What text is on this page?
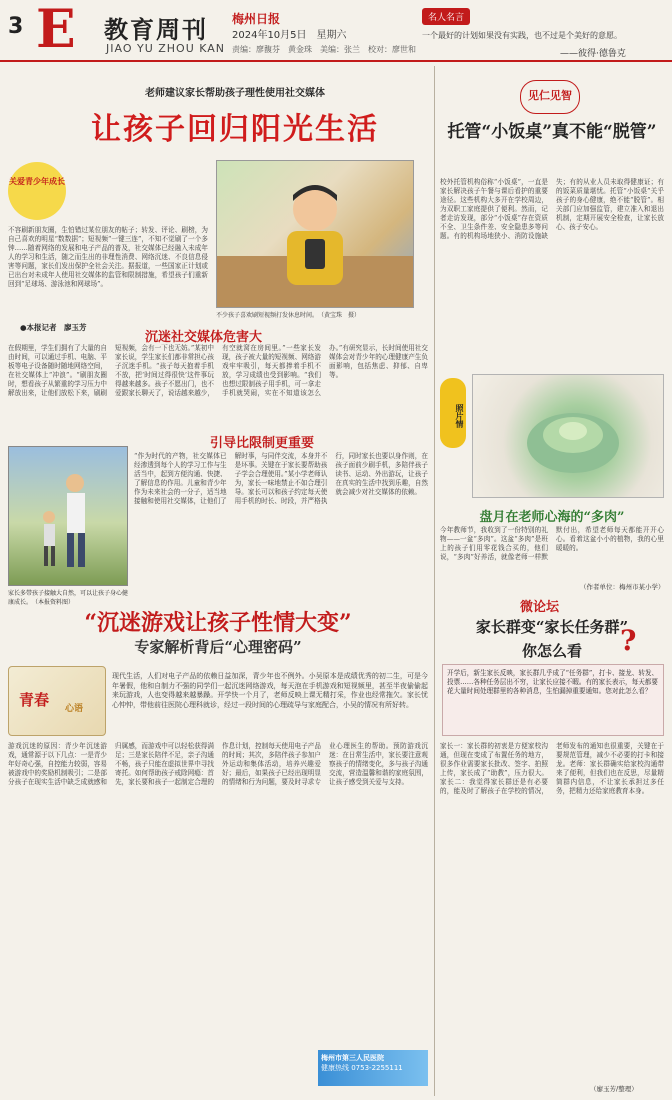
3 E 教育周刊
JIAO YU ZHOU KAN
梅州日报
2024年10月5日　星期六
责编：廖馥芬　黄金珠　美编：张兰　校对：廖世和
名人名言
一个最好的计划如果没有实践，也不过是个美好的意愿。
——彼得·德鲁克
老师建议家长帮助孩子理性使用社交媒体
让孩子回归阳光生活
关爱青少年成长
不容刷新朋友圈，生怕错过某位朋友的帖子；转发、评论、刷榜，为自己喜欢的明星“数数据”；短视频“一键三连”，不知不觉刷了一个多钟……随着网络的发展和电子产品的普及，社交媒体已经融入未成年人的学习和生活，随之而生出的非理性消费、网络沉迷、不良信息侵害等问题，家长们发出保护全社会关注。据报道，一些国家正计划或已出台对未成年人使用社交媒体的监管和限制措施，希望孩子们重新回到“足球场、游泳池和网球场”。
不少孩子喜欢刷短视频打发休息时间。　（黄宝珠　摄）
●本报记者　廖玉芳
沉迷社交媒体危害大
在假期里，学生们拥有了大量的自由时间，可以通过手机、电脑、平板等电子设备随时随地网络空间，在社交媒体上“冲浪”。“刷朋友圈时，想看孩子从繁重的学习压力中解放出来，让他们放松下来，刷刷短视频，会有一下也无妨。”某初中家长说，学生家长们都非常担心孩子沉迷手机。“孩子每天抱着手机不放，把‘时间过得很快’这件事玩得越来越多。孩子不愿出门，也不爱跟家长聊天了，说话越来越少，有空就窝在房间里。”一些家长发现，孩子被大量的短视频、网络游戏牢牢吸引，每天都捧着手机不放，学习成绩也受到影响。“我们也想过限制孩子用手机，可一拿走手机就哭闹，实在不知道该怎么办。”有研究显示，长时间使用社交媒体会对青少年的心理健康产生负面影响，包括焦虑、抑郁、自卑等。
引导比限制更重要
家长多带孩子接触大自然，可以让孩子身心健康成长。　（本报资料图）
“作为时代的产物，社交媒体已经渗透到每个人的学习工作与生活当中，起到方便沟通、快捷、了解信息的作用。儿童和青少年作为未来社会的一分子，适当地接触和使用社交媒体，让他们了解时事，与同伴交流，本身并不是坏事。关键在于家长要帮助孩子学会合理使用。”某小学老师认为，家长一味地禁止不如合理引导。家长可以和孩子约定每天使用手机的时长、时段，并严格执行，同时家长也要以身作则，在孩子面前少刷手机，多陪伴孩子读书、运动、外出游玩，让孩子在真实的生活中找到乐趣，自然就会减少对社交媒体的依赖。
“沉迷游戏让孩子性情大变”
专家解析背后“心理密码”
青春 心语
现代生活，人们对电子产品的依赖日益加深，青少年也不例外。小吴原本是成绩优秀的初二生，可是今年暑假，他和自制力不强的同学们一起沉迷网络游戏，每天泡在手机游戏和短视频里，甚至半夜偷偷起来玩游戏，人也变得越来越暴躁。开学快一个月了，老师反映上课无精打采，作业也经常拖欠。家长忧心忡忡，带他前往医院心理科就诊，经过一段时间的心理疏导与家庭配合，小吴的情况有所好转。
游戏沉迷的原因：青少年沉迷游戏，通常源于以下几点：一是青少年好奇心强，自控能力较弱，容易被游戏中的奖励机制吸引；二是部分孩子在现实生活中缺乏成就感和归属感，而游戏中可以轻松获得满足；三是家长陪伴不足，亲子沟通不畅，孩子只能在虚拟世界中寻找寄托。如何帮助孩子戒除网瘾：首先，家长要和孩子一起制定合理的作息计划，控制每天使用电子产品的时间；其次，多陪伴孩子参加户外运动和集体活动，培养兴趣爱好；最后，如果孩子已经出现明显的情绪和行为问题，要及时寻求专业心理医生的帮助。预防游戏沉迷：在日常生活中，家长要注意观察孩子的情绪变化，多与孩子沟通交流，营造温馨和谐的家庭氛围，让孩子感受到关爱与支持。
梅州市第三人民医院
健康热线 0753-2255111
见仁见智
托管“小饭桌”真不能“脱管”
校外托管机构俗称“小饭桌”，一直是家长解决孩子午餐与课后看护的重要途径。这些机构大多开在学校周边，为双职工家庭提供了便利。然而，记者走访发现，部分“小饭桌”存在资质不全、卫生条件差、安全隐患多等问题。有的机构场地狭小、消防设施缺失；有的从业人员未取得健康证；有的饭菜质量堪忧。托管“小饭桌”关乎孩子的身心健康，绝不能“脱管”。相关部门应加强监管，建立准入和退出机制，定期开展安全检查，让家长放心、孩子安心。
照片情
盘月在老师心海的“多肉”
今年教师节，我收到了一份特别的礼物——一盆“多肉”。这盆“多肉”是班上的孩子们用零花钱合买的，他们说，“多肉”好养活，就像老师一样默默付出，希望老师每天都能开开心心。看着这盆小小的植物，我的心里暖暖的。
（作者单位：梅州市某小学）
微论坛
家长群变“家长任务群”
你怎么看	?
开学后，新生家长反映，家长群几乎成了“任务群”，打卡、接龙、转发、投票……各种任务层出不穷，让家长应接不暇。有的家长表示，每天都要花大量时间处理群里的各种消息，生怕漏掉重要通知。您对此怎么看？
家长一：家长群的初衷是方便家校沟通，但现在变成了布置任务的地方，很多作业需要家长批改、签字、拍照上传，家长成了“助教”，压力很大。家长二：我觉得家长群还是有必要的，能及时了解孩子在学校的情况，老师发布的通知也很重要，关键在于要规范管理，减少不必要的打卡和接龙。老师：家长群确实给家校沟通带来了便利，但我们也在反思，尽量精简群内信息，不让家长承担过多任务，把精力还给家庭教育本身。
（廖玉芳/整理）
